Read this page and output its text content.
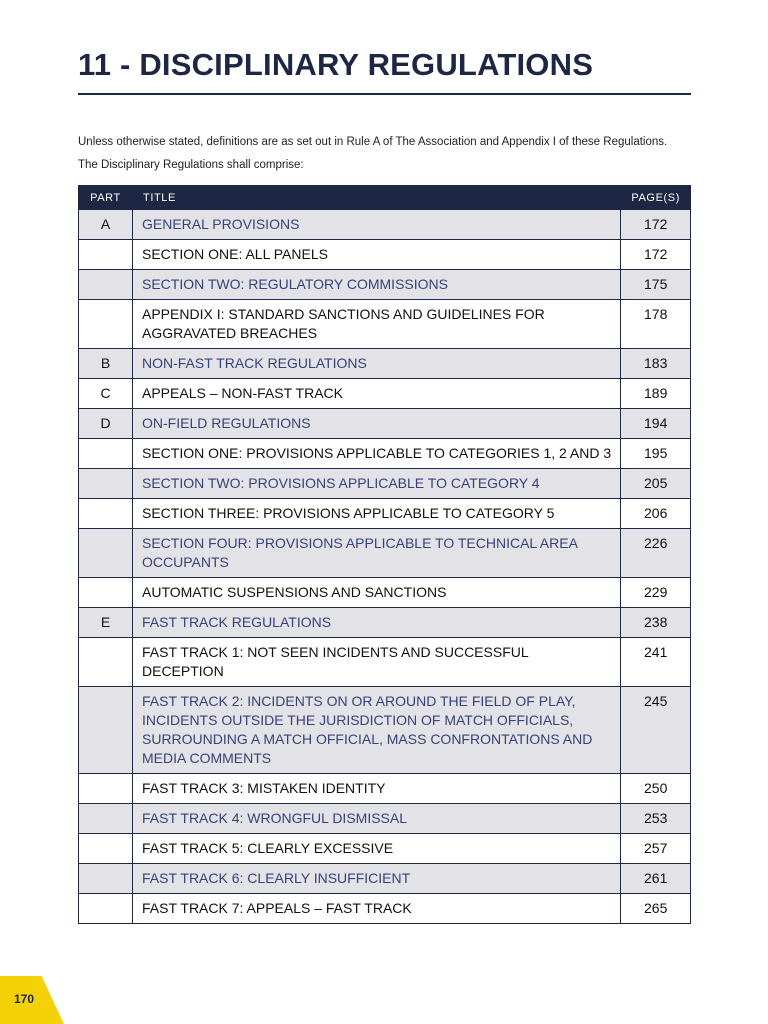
11 - DISCIPLINARY REGULATIONS

Unless otherwise stated, definitions are as set out in Rule A of The Association and Appendix I of these Regulations.

The Disciplinary Regulations shall comprise:

PART	TITLE	PAGE(S)
A	GENERAL PROVISIONS	172
	SECTION ONE: ALL PANELS	172
	SECTION TWO: REGULATORY COMMISSIONS	175
	APPENDIX I: STANDARD SANCTIONS AND GUIDELINES FOR AGGRAVATED BREACHES	178
B	NON-FAST TRACK REGULATIONS	183
C	APPEALS – NON-FAST TRACK	189
D	ON-FIELD REGULATIONS	194
	SECTION ONE: PROVISIONS APPLICABLE TO CATEGORIES 1, 2 AND 3	195
	SECTION TWO: PROVISIONS APPLICABLE TO CATEGORY 4	205
	SECTION THREE: PROVISIONS APPLICABLE TO CATEGORY 5	206
	SECTION FOUR: PROVISIONS APPLICABLE TO TECHNICAL AREA OCCUPANTS	226
	AUTOMATIC SUSPENSIONS AND SANCTIONS	229
E	FAST TRACK REGULATIONS	238
	FAST TRACK 1: NOT SEEN INCIDENTS AND SUCCESSFUL DECEPTION	241
	FAST TRACK 2: INCIDENTS ON OR AROUND THE FIELD OF PLAY, INCIDENTS OUTSIDE THE JURISDICTION OF MATCH OFFICIALS, SURROUNDING A MATCH OFFICIAL, MASS CONFRONTATIONS AND MEDIA COMMENTS	245
	FAST TRACK 3: MISTAKEN IDENTITY	250
	FAST TRACK 4: WRONGFUL DISMISSAL	253
	FAST TRACK 5: CLEARLY EXCESSIVE	257
	FAST TRACK 6: CLEARLY INSUFFICIENT	261
	FAST TRACK 7: APPEALS – FAST TRACK	265
170
